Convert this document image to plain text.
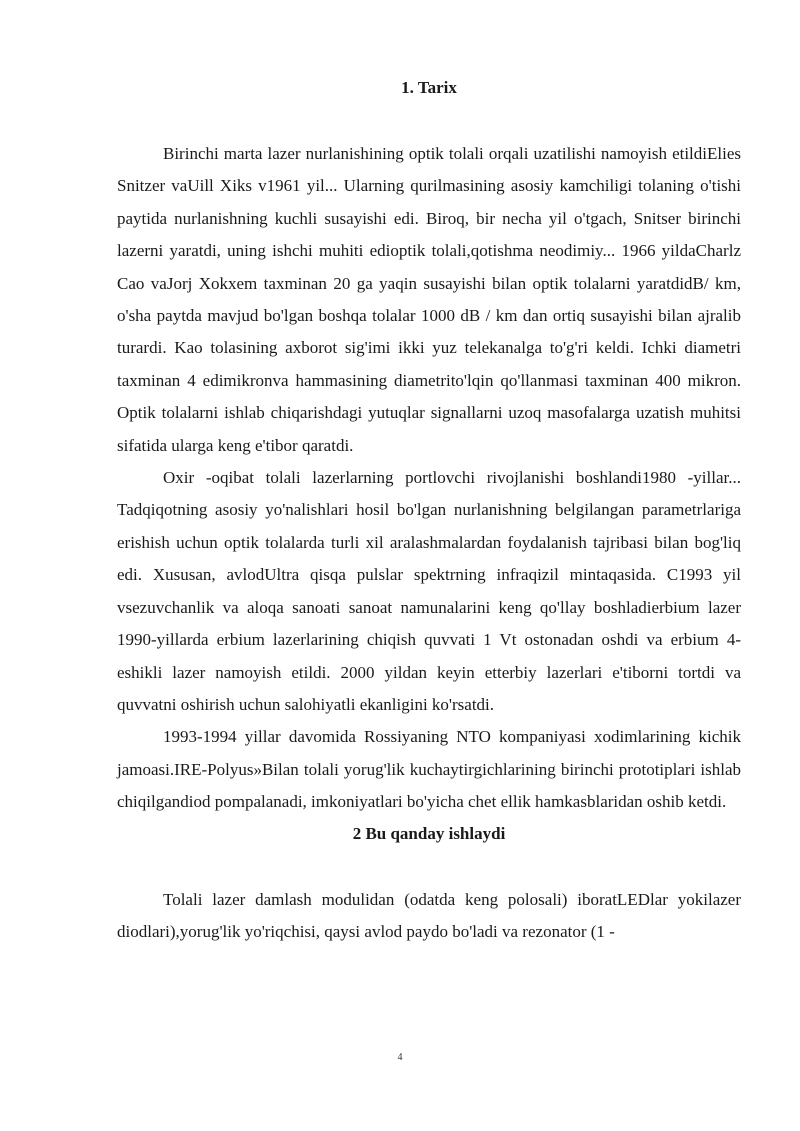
1. Tarix

Birinchi marta lazer nurlanishining optik tolali orqali uzatilishi namoyish etildiElies Snitzer vaUill Xiks v1961 yil... Ularning qurilmasining asosiy kamchiligi tolaning o'tishi paytida nurlanishning kuchli susayishi edi. Biroq, bir necha yil o'tgach, Snitser birinchi lazerni yaratdi, uning ishchi muhiti edioptik tolali,qotishma neodimiy... 1966 yildaCharlz Cao vaJorj Xokxem taxminan 20 ga yaqin susayishi bilan optik tolalarni yaratdidB/ km, o'sha paytda mavjud bo'lgan boshqa tolalar 1000 dB / km dan ortiq susayishi bilan ajralib turardi. Kao tolasining axborot sig'imi ikki yuz telekanalga to'g'ri keldi. Ichki diametri taxminan 4 edimikronva hammasining diametrito'lqin qo'llanmasi taxminan 400 mikron. Optik tolalarni ishlab chiqarishdagi yutuqlar signallarni uzoq masofalarga uzatish muhitsi sifatida ularga keng e'tibor qaratdi.

Oxir -oqibat tolali lazerlarning portlovchi rivojlanishi boshlandi1980 -yillar... Tadqiqotning asosiy yo'nalishlari hosil bo'lgan nurlanishning belgilangan parametrlariga erishish uchun optik tolalarda turli xil aralashmalardan foydalanish tajribasi bilan bog'liq edi. Xususan, avlodUltra qisqa pulslar spektrning infraqizil mintaqasida. C1993 yil vsezuvchanlik va aloqa sanoati sanoat namunalarini keng qo'llay boshladierbium lazer 1990-yillarda erbium lazerlarining chiqish quvvati 1 Vt ostonadan oshdi va erbium 4-eshikli lazer namoyish etildi. 2000 yildan keyin etterbiy lazerlari e'tiborni tortdi va quvvatni oshirish uchun salohiyatli ekanligini ko'rsatdi.

1993-1994 yillar davomida Rossiyaning NTO kompaniyasi xodimlarining kichik jamoasi.IRE-Polyus»Bilan tolali yorug'lik kuchaytirgichlarining birinchi prototiplari ishlab chiqilgandiod pompalanadi, imkoniyatlari bo'yicha chet ellik hamkasblaridan oshib ketdi.

2 Bu qanday ishlaydi

Tolali lazer damlash modulidan (odatda keng polosali) iboratLEDlar yokilazer diodlari),yorug'lik yo'riqchisi, qaysi avlod paydo bo'ladi va rezonator (1 -

4
